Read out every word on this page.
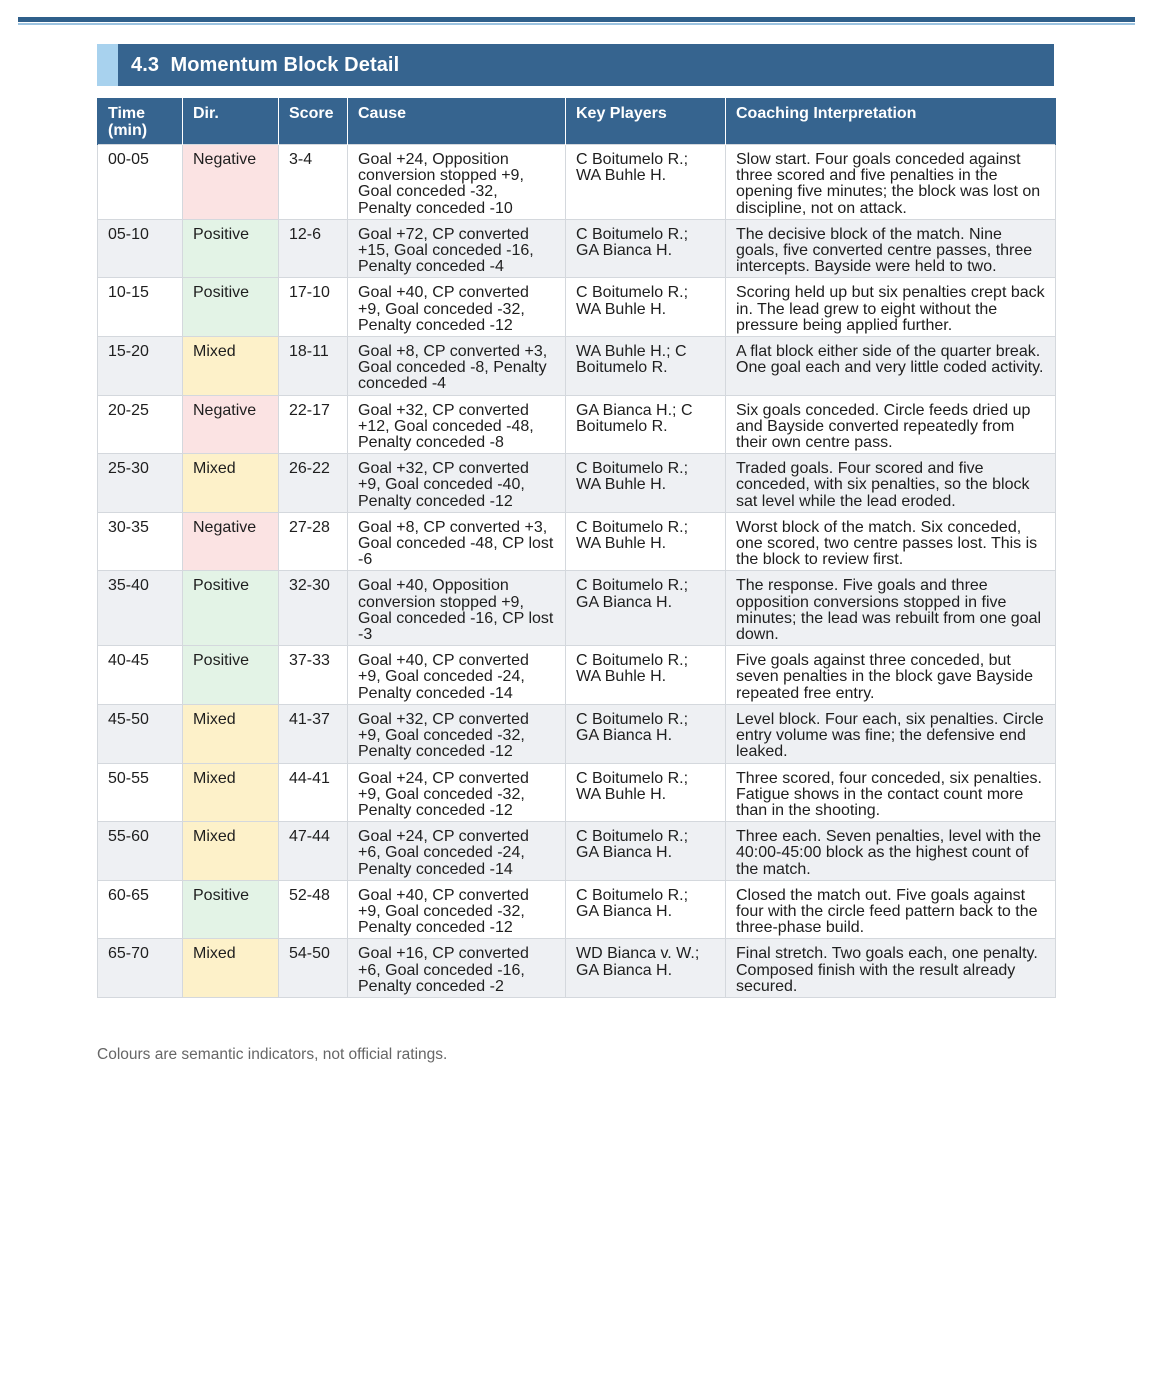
4.3 Momentum Block Detail
Time (min)	Dir.	Score	Cause	Key Players	Coaching Interpretation
00-05	Negative	3-4	Goal +24, Opposition conversion stopped +9, Goal conceded -32, Penalty conceded -10	C Boitumelo R.; WA Buhle H.	Slow start. Four goals conceded against three scored and five penalties in the opening five minutes; the block was lost on discipline, not on attack.
05-10	Positive	12-6	Goal +72, CP converted +15, Goal conceded -16, Penalty conceded -4	C Boitumelo R.; GA Bianca H.	The decisive block of the match. Nine goals, five converted centre passes, three intercepts. Bayside were held to two.
10-15	Positive	17-10	Goal +40, CP converted +9, Goal conceded -32, Penalty conceded -12	C Boitumelo R.; WA Buhle H.	Scoring held up but six penalties crept back in. The lead grew to eight without the pressure being applied further.
15-20	Mixed	18-11	Goal +8, CP converted +3, Goal conceded -8, Penalty conceded -4	WA Buhle H.; C Boitumelo R.	A flat block either side of the quarter break. One goal each and very little coded activity.
20-25	Negative	22-17	Goal +32, CP converted +12, Goal conceded -48, Penalty conceded -8	GA Bianca H.; C Boitumelo R.	Six goals conceded. Circle feeds dried up and Bayside converted repeatedly from their own centre pass.
25-30	Mixed	26-22	Goal +32, CP converted +9, Goal conceded -40, Penalty conceded -12	C Boitumelo R.; WA Buhle H.	Traded goals. Four scored and five conceded, with six penalties, so the block sat level while the lead eroded.
30-35	Negative	27-28	Goal +8, CP converted +3, Goal conceded -48, CP lost -6	C Boitumelo R.; WA Buhle H.	Worst block of the match. Six conceded, one scored, two centre passes lost. This is the block to review first.
35-40	Positive	32-30	Goal +40, Opposition conversion stopped +9, Goal conceded -16, CP lost -3	C Boitumelo R.; GA Bianca H.	The response. Five goals and three opposition conversions stopped in five minutes; the lead was rebuilt from one goal down.
40-45	Positive	37-33	Goal +40, CP converted +9, Goal conceded -24, Penalty conceded -14	C Boitumelo R.; WA Buhle H.	Five goals against three conceded, but seven penalties in the block gave Bayside repeated free entry.
45-50	Mixed	41-37	Goal +32, CP converted +9, Goal conceded -32, Penalty conceded -12	C Boitumelo R.; GA Bianca H.	Level block. Four each, six penalties. Circle entry volume was fine; the defensive end leaked.
50-55	Mixed	44-41	Goal +24, CP converted +9, Goal conceded -32, Penalty conceded -12	C Boitumelo R.; WA Buhle H.	Three scored, four conceded, six penalties. Fatigue shows in the contact count more than in the shooting.
55-60	Mixed	47-44	Goal +24, CP converted +6, Goal conceded -24, Penalty conceded -14	C Boitumelo R.; GA Bianca H.	Three each. Seven penalties, level with the 40:00-45:00 block as the highest count of the match.
60-65	Positive	52-48	Goal +40, CP converted +9, Goal conceded -32, Penalty conceded -12	C Boitumelo R.; GA Bianca H.	Closed the match out. Five goals against four with the circle feed pattern back to the three-phase build.
65-70	Mixed	54-50	Goal +16, CP converted +6, Goal conceded -16, Penalty conceded -2	WD Bianca v. W.; GA Bianca H.	Final stretch. Two goals each, one penalty. Composed finish with the result already secured.
Colours are semantic indicators, not official ratings.
